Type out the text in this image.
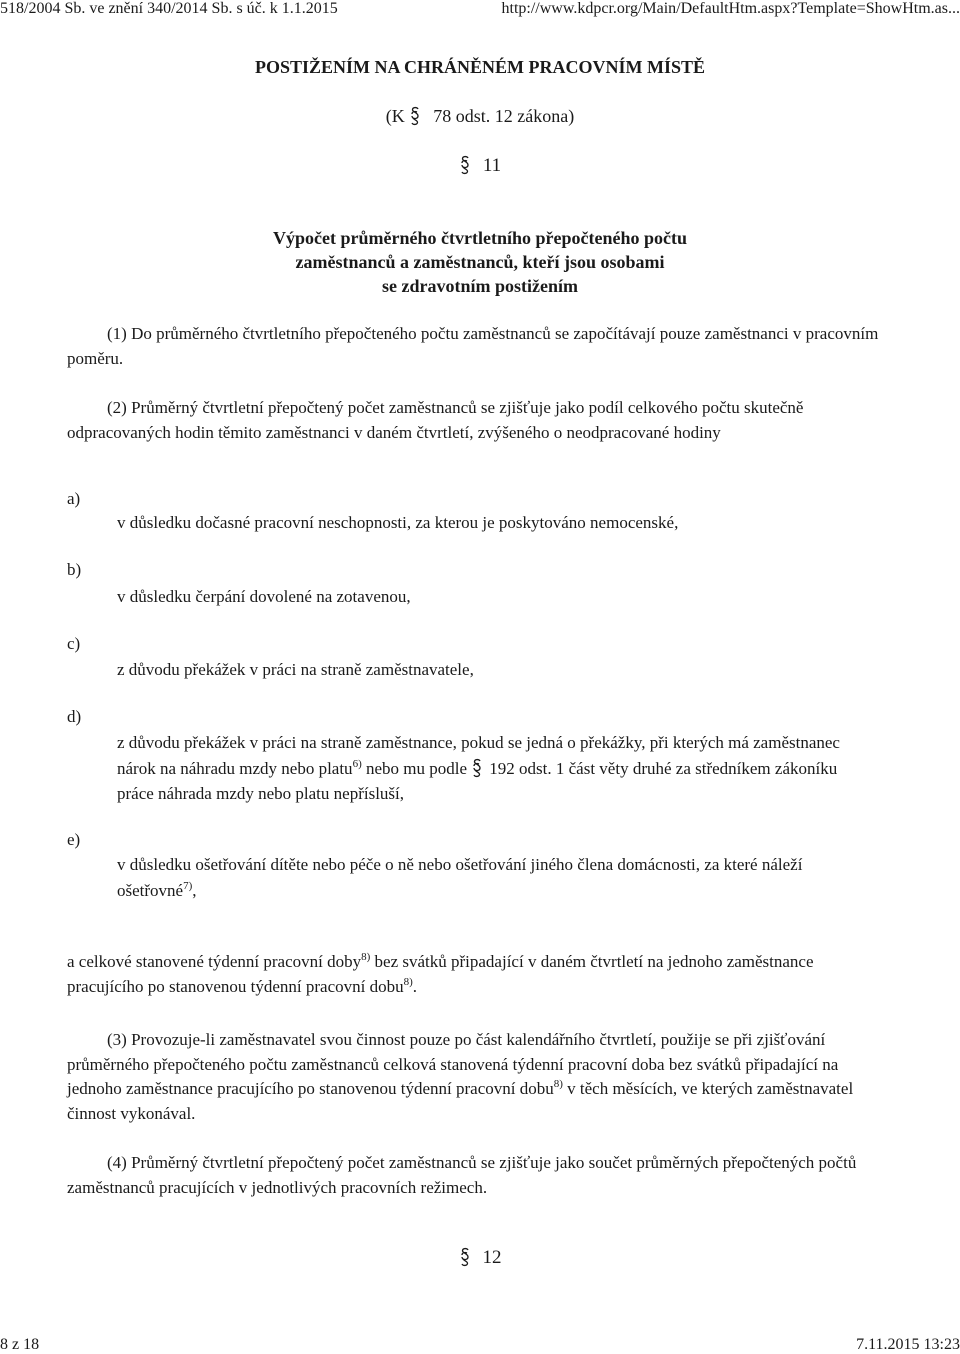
518/2004 Sb. ve znění 340/2014 Sb. s úč. k 1.1.2015	http://www.kdpcr.org/Main/DefaultHtm.aspx?Template=ShowHtm.as...
POSTIŽENÍM NA CHRÁNĚNÉM PRACOVNÍM MÍSTĚ
(K 78 odst. 12 zákona)
11
Výpočet průměrného čtvrtletního přepočteného počtu
zaměstnanců a zaměstnanců, kteří jsou osobami
se zdravotním postižením
(1) Do průměrného čtvrtletního přepočteného počtu zaměstnanců se započítávají pouze zaměstnanci v pracovním poměru.
(2) Průměrný čtvrtletní přepočtený počet zaměstnanců se zjišťuje jako podíl celkového počtu skutečně odpracovaných hodin těmito zaměstnanci v daném čtvrtletí, zvýšeného o neodpracované hodiny
a)
v důsledku dočasné pracovní neschopnosti, za kterou je poskytováno nemocenské,
b)
v důsledku čerpání dovolené na zotavenou,
c)
z důvodu překážek v práci na straně zaměstnavatele,
d)
z důvodu překážek v práci na straně zaměstnance, pokud se jedná o překážky, při kterých má zaměstnanec nárok na náhradu mzdy nebo platu$^{6)}$ nebo mu podle 192 odst. 1 část věty druhé za středníkem zákoníku práce náhrada mzdy nebo platu nepřísluší,
e)
v důsledku ošetřování dítěte nebo péče o ně nebo ošetřování jiného člena domácnosti, za které náleží ošetřovné$^{7)}$,
a celkové stanovené týdenní pracovní doby$^{8)}$ bez svátků připadající v daném čtvrtletí na jednoho zaměstnance pracujícího po stanovenou týdenní pracovní dobu$^{8)}$.
(3) Provozuje-li zaměstnavatel svou činnost pouze po část kalendářního čtvrtletí, použije se při zjišťování průměrného přepočteného počtu zaměstnanců celková stanovená týdenní pracovní doba bez svátků připadající na jednoho zaměstnance pracujícího po stanovenou týdenní pracovní dobu$^{8)}$ v těch měsících, ve kterých zaměstnavatel činnost vykonával.
(4) Průměrný čtvrtletní přepočtený počet zaměstnanců se zjišťuje jako součet průměrných přepočtených počtů zaměstnanců pracujících v jednotlivých pracovních režimech.
12
8 z 18	7.11.2015 13:23
